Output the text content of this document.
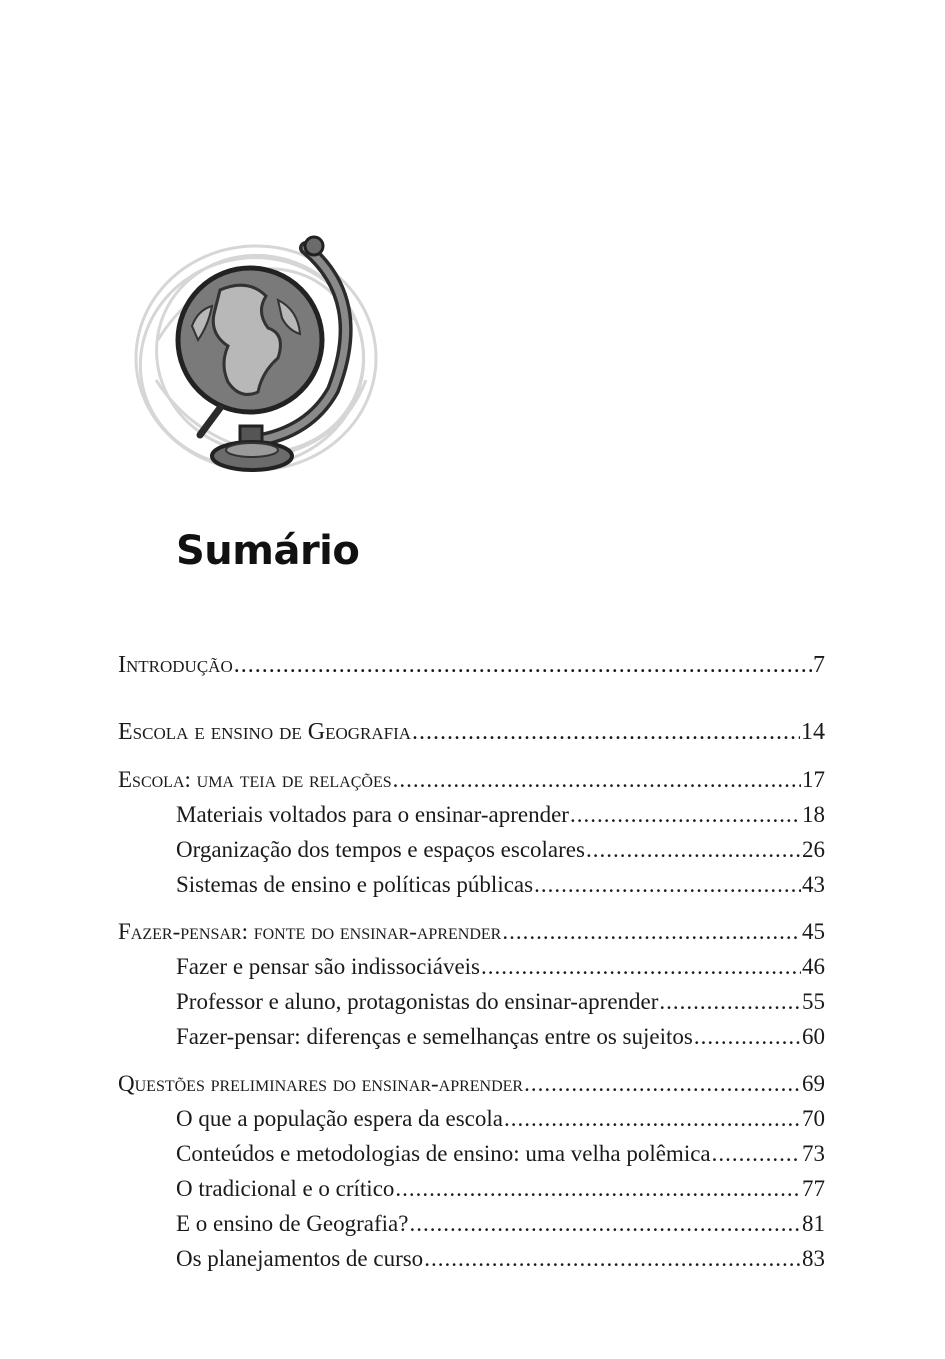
Sumário
Introdução .....	7
Escola e ensino de Geografia .....	14
Escola: uma teia de relações .....	17
Materiais voltados para o ensinar-aprender .....	18
Organização dos tempos e espaços escolares .....	26
Sistemas de ensino e políticas públicas .....	43
Fazer-pensar: fonte do ensinar-aprender .....	45
Fazer e pensar são indissociáveis .....	46
Professor e aluno, protagonistas do ensinar-aprender .....	55
Fazer-pensar: diferenças e semelhanças entre os sujeitos .....	60
Questões preliminares do ensinar-aprender .....	69
O que a população espera da escola .....	70
Conteúdos e metodologias de ensino: uma velha polêmica .....	73
O tradicional e o crítico .....	77
E o ensino de Geografia? .....	81
Os planejamentos de curso .....	83
